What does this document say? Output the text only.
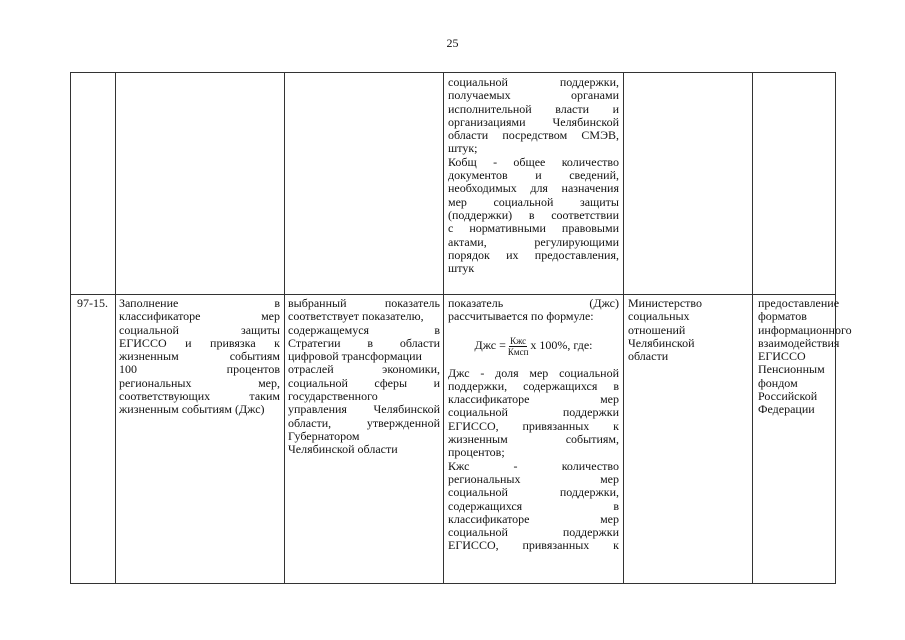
25
социальной поддержки,
получаемых органами
исполнительной власти и
организациями Челябинской
области посредством СМЭВ,
штук;
Кобщ - общее количество
документов и сведений,
необходимых для назначения
мер социальной защиты
(поддержки) в соответствии
с нормативными правовыми
актами, регулирующими
порядок их предоставления,
штук
97-15. Заполнение в
классификаторе мер
социальной защиты
ЕГИССО и привязка к
жизненным событиям
100 процентов
региональных мер,
соответствующих таким
жизненным событиям (Джс)
выбранный показатель
соответствует показателю,
содержащемуся в
Стратегии в области
цифровой трансформации
отраслей экономики,
социальной сферы и
государственного
управления Челябинской
области, утвержденной
Губернатором
Челябинской области
показатель (Джс)
рассчитывается по формуле:
Джс = $\frac{\text{Кжс}}{\text{Кмсп}}$ х 100%, где:
Джс - доля мер социальной
поддержки, содержащихся в
классификаторе мер
социальной поддержки
ЕГИССО, привязанных к
жизненным событиям,
процентов;
Кжс - количество
региональных мер
социальной поддержки,
содержащихся в
классификаторе мер
социальной поддержки
ЕГИССО, привязанных к
Министерство
социальных
отношений
Челябинской
области
предоставление
форматов
информационного
взаимодействия
ЕГИССО
Пенсионным
фондом
Российской
Федерации
